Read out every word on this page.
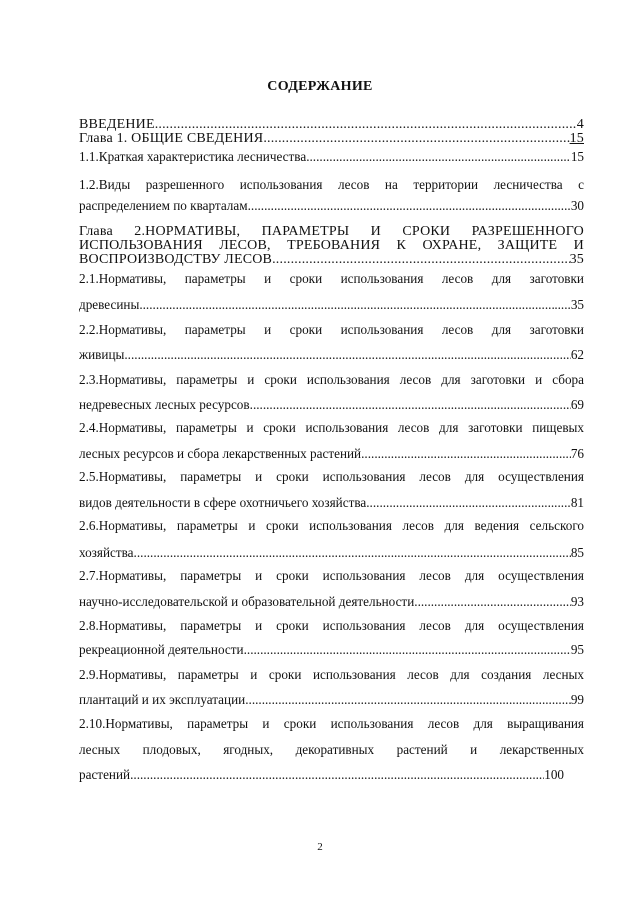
СОДЕРЖАНИЕ
ВВЕДЕНИЕ .....	4
Глава 1. ОБЩИЕ СВЕДЕНИЯ .....	15
1.1.Краткая характеристика лесничества .....	15
1.2.Виды разрешенного использования лесов на территории лесничества с
распределением по кварталам .....	30
Глава 2.НОРМАТИВЫ, ПАРАМЕТРЫ И СРОКИ РАЗРЕШЕННОГО
ИСПОЛЬЗОВАНИЯ ЛЕСОВ, ТРЕБОВАНИЯ К ОХРАНЕ, ЗАЩИТЕ И
ВОСПРОИЗВОДСТВУ ЛЕСОВ .....	35
2.1.Нормативы, параметры и сроки использования лесов для заготовки
древесины .....	.....35
2.2.Нормативы, параметры и сроки использования лесов для заготовки
живицы .....	62
2.3.Нормативы, параметры и сроки использования лесов для заготовки и сбора
недревесных лесных ресурсов .....	69
2.4.Нормативы, параметры и сроки использования лесов для заготовки пищевых
лесных ресурсов и сбора лекарственных растений .....	76
2.5.Нормативы, параметры и сроки использования лесов для осуществления
видов деятельности в сфере охотничьего хозяйства .....	81
2.6.Нормативы, параметры и сроки использования лесов для ведения сельского
хозяйства .....	85
2.7.Нормативы, параметры и сроки использования лесов для осуществления
научно-исследовательской и образовательной деятельности .....	93
2.8.Нормативы, параметры и сроки использования лесов для осуществления
рекреационной деятельности .....	95
2.9.Нормативы, параметры и сроки использования лесов для создания лесных
плантаций и их эксплуатации .....	99
2.10.Нормативы, параметры и сроки использования лесов для выращивания
лесных плодовых, ягодных, декоративных растений и лекарственных
растений .....	100
2
